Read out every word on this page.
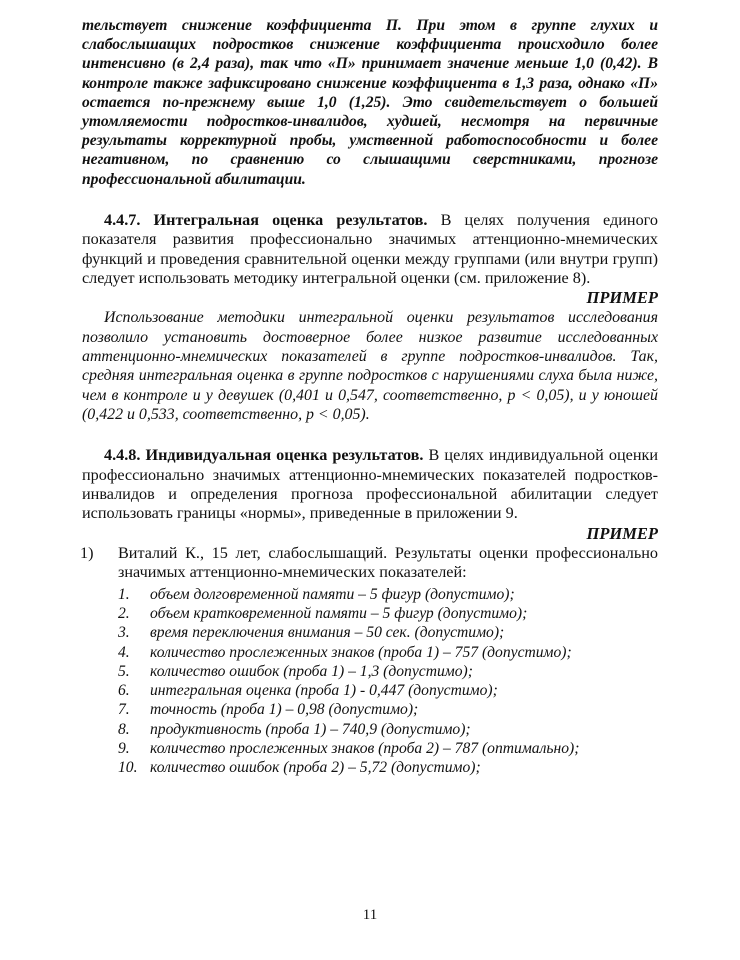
тельствует снижение коэффициента П. При этом в группе глухих и слабослышащих подростков снижение коэффициента происходило более интенсивно (в 2,4 раза), так что «П» принимает значение меньше 1,0 (0,42). В контроле также зафиксировано снижение коэффициента в 1,3 раза, однако «П» остается по-прежнему выше 1,0 (1,25). Это свидетельствует о большей утомляемости подростков-инвалидов, худшей, несмотря на первичные результаты корректурной пробы, умственной работоспособности и более негативном, по сравнению со слышащими сверстниками, прогнозе профессиональной абилитации.

4.4.7. Интегральная оценка результатов. В целях получения единого показателя развития профессионально значимых аттенционно-мнемических функций и проведения сравнительной оценки между группами (или внутри групп) следует использовать методику интегральной оценки (см. приложение 8).

ПРИМЕР

Использование методики интегральной оценки результатов исследования позволило установить достоверное более низкое развитие исследованных аттенционно-мнемических показателей в группе подростков-инвалидов. Так, средняя интегральная оценка в группе подростков с нарушениями слуха была ниже, чем в контроле и у девушек (0,401 и 0,547, соответственно, p < 0,05), и у юношей (0,422 и 0,533, соответственно, p < 0,05).

4.4.8. Индивидуальная оценка результатов. В целях индивидуальной оценки профессионально значимых аттенционно-мнемических показателей подростков-инвалидов и определения прогноза профессиональной абилитации следует использовать границы «нормы», приведенные в приложении 9.

ПРИМЕР

1) Виталий К., 15 лет, слабослышащий. Результаты оценки профессионально значимых аттенционно-мнемических показателей:
1.	объем долговременной памяти – 5 фигур (допустимо);
2.	объем кратковременной памяти – 5 фигур (допустимо);
3.	время переключения внимания – 50 сек. (допустимо);
4.	количество прослеженных знаков (проба 1) – 757 (допустимо);
5.	количество ошибок (проба 1) – 1,3 (допустимо);
6.	интегральная оценка (проба 1) - 0,447 (допустимо);
7.	точность (проба 1) – 0,98 (допустимо);
8.	продуктивность (проба 1) – 740,9 (допустимо);
9.	количество прослеженных знаков (проба 2) – 787 (оптимально);
10. количество ошибок (проба 2) – 5,72 (допустимо);
11
